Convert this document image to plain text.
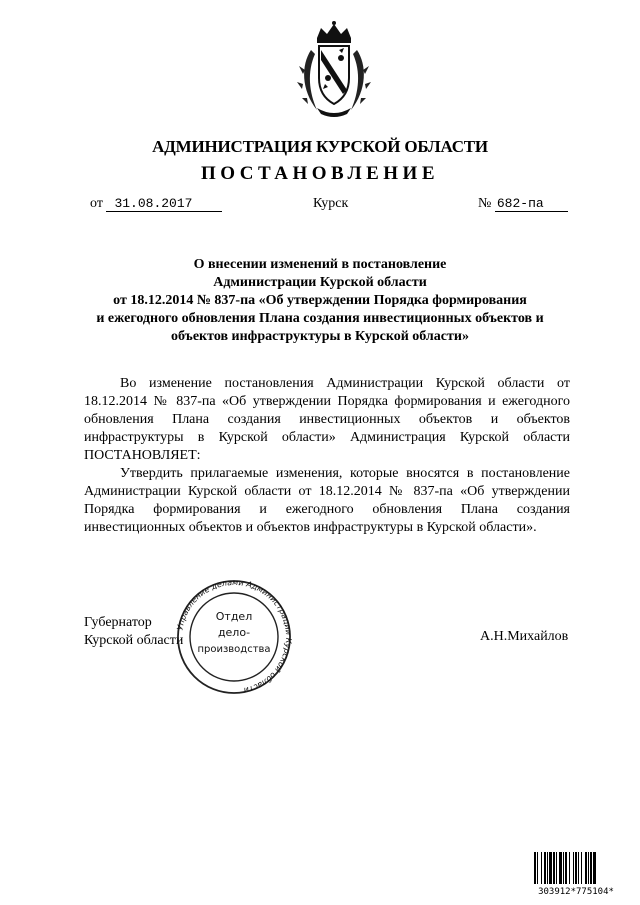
АДМИНИСТРАЦИЯ КУРСКОЙ ОБЛАСТИ
ПОСТАНОВЛЕНИЕ
от 31.08.2017	Курск	№ 682-па
О внесении изменений в постановление
Администрации Курской области
от 18.12.2014 № 837-па «Об утверждении Порядка формирования
и ежегодного обновления Плана создания инвестиционных объектов и
объектов инфраструктуры в Курской области»

Во изменение постановления Администрации Курской области от 18.12.2014 № 837-па «Об утверждении Порядка формирования и ежегодного обновления Плана создания инвестиционных объектов и объектов инфраструктуры в Курской области» Администрация Курской области ПОСТАНОВЛЯЕТ:

Утвердить прилагаемые изменения, которые вносятся в постановление Администрации Курской области от 18.12.2014 № 837-па «Об утверждении Порядка формирования и ежегодного обновления Плана создания инвестиционных объектов и объектов инфраструктуры в Курской области».

Губернатор
Курской области
Управление делами Администрации Курской области
Отдел
дело-
производства
А.Н.Михайлов
303912*775104*
